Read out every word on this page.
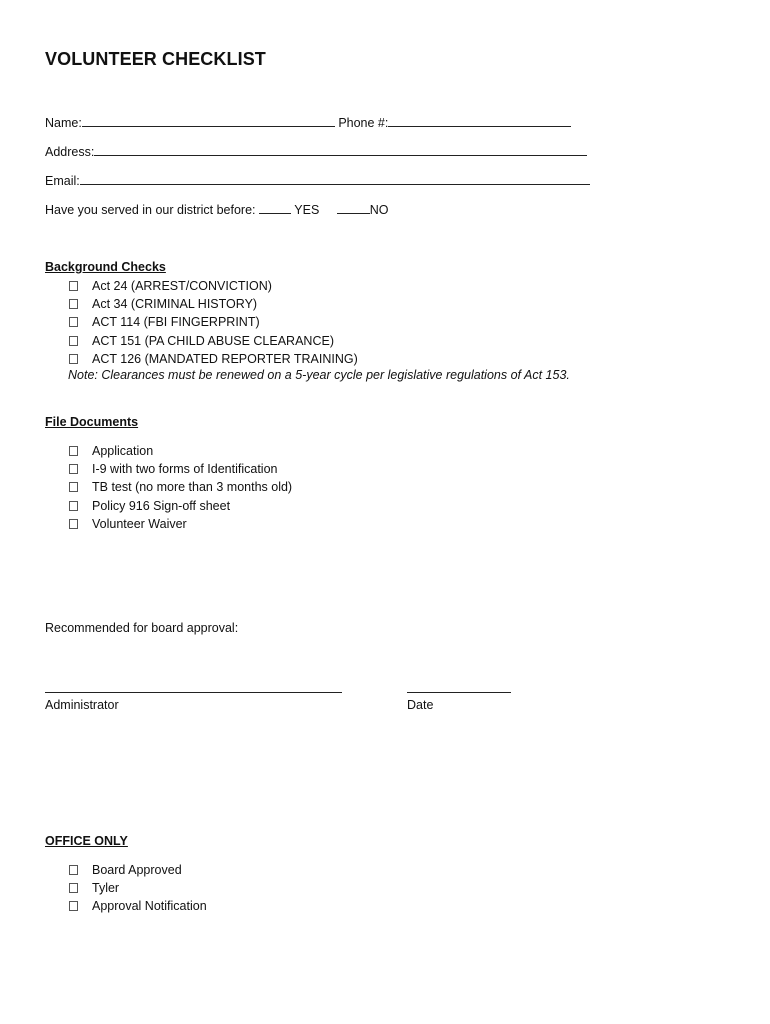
VOLUNTEER CHECKLIST
Name:	Phone #:
Address:
Email:
Have you served in our district before:	YES	NO
Background Checks
Act 24 (ARREST/CONVICTION)
Act 34 (CRIMINAL HISTORY)
ACT 114 (FBI FINGERPRINT)
ACT 151 (PA CHILD ABUSE CLEARANCE)
ACT 126 (MANDATED REPORTER TRAINING)
Note: Clearances must be renewed on a 5-year cycle per legislative regulations of Act 153.
File Documents
Application
I-9 with two forms of Identification
TB test (no more than 3 months old)
Policy 916 Sign-off sheet
Volunteer Waiver
Recommended for board approval:
Administrator	Date
OFFICE ONLY
Board Approved
Tyler
Approval Notification
